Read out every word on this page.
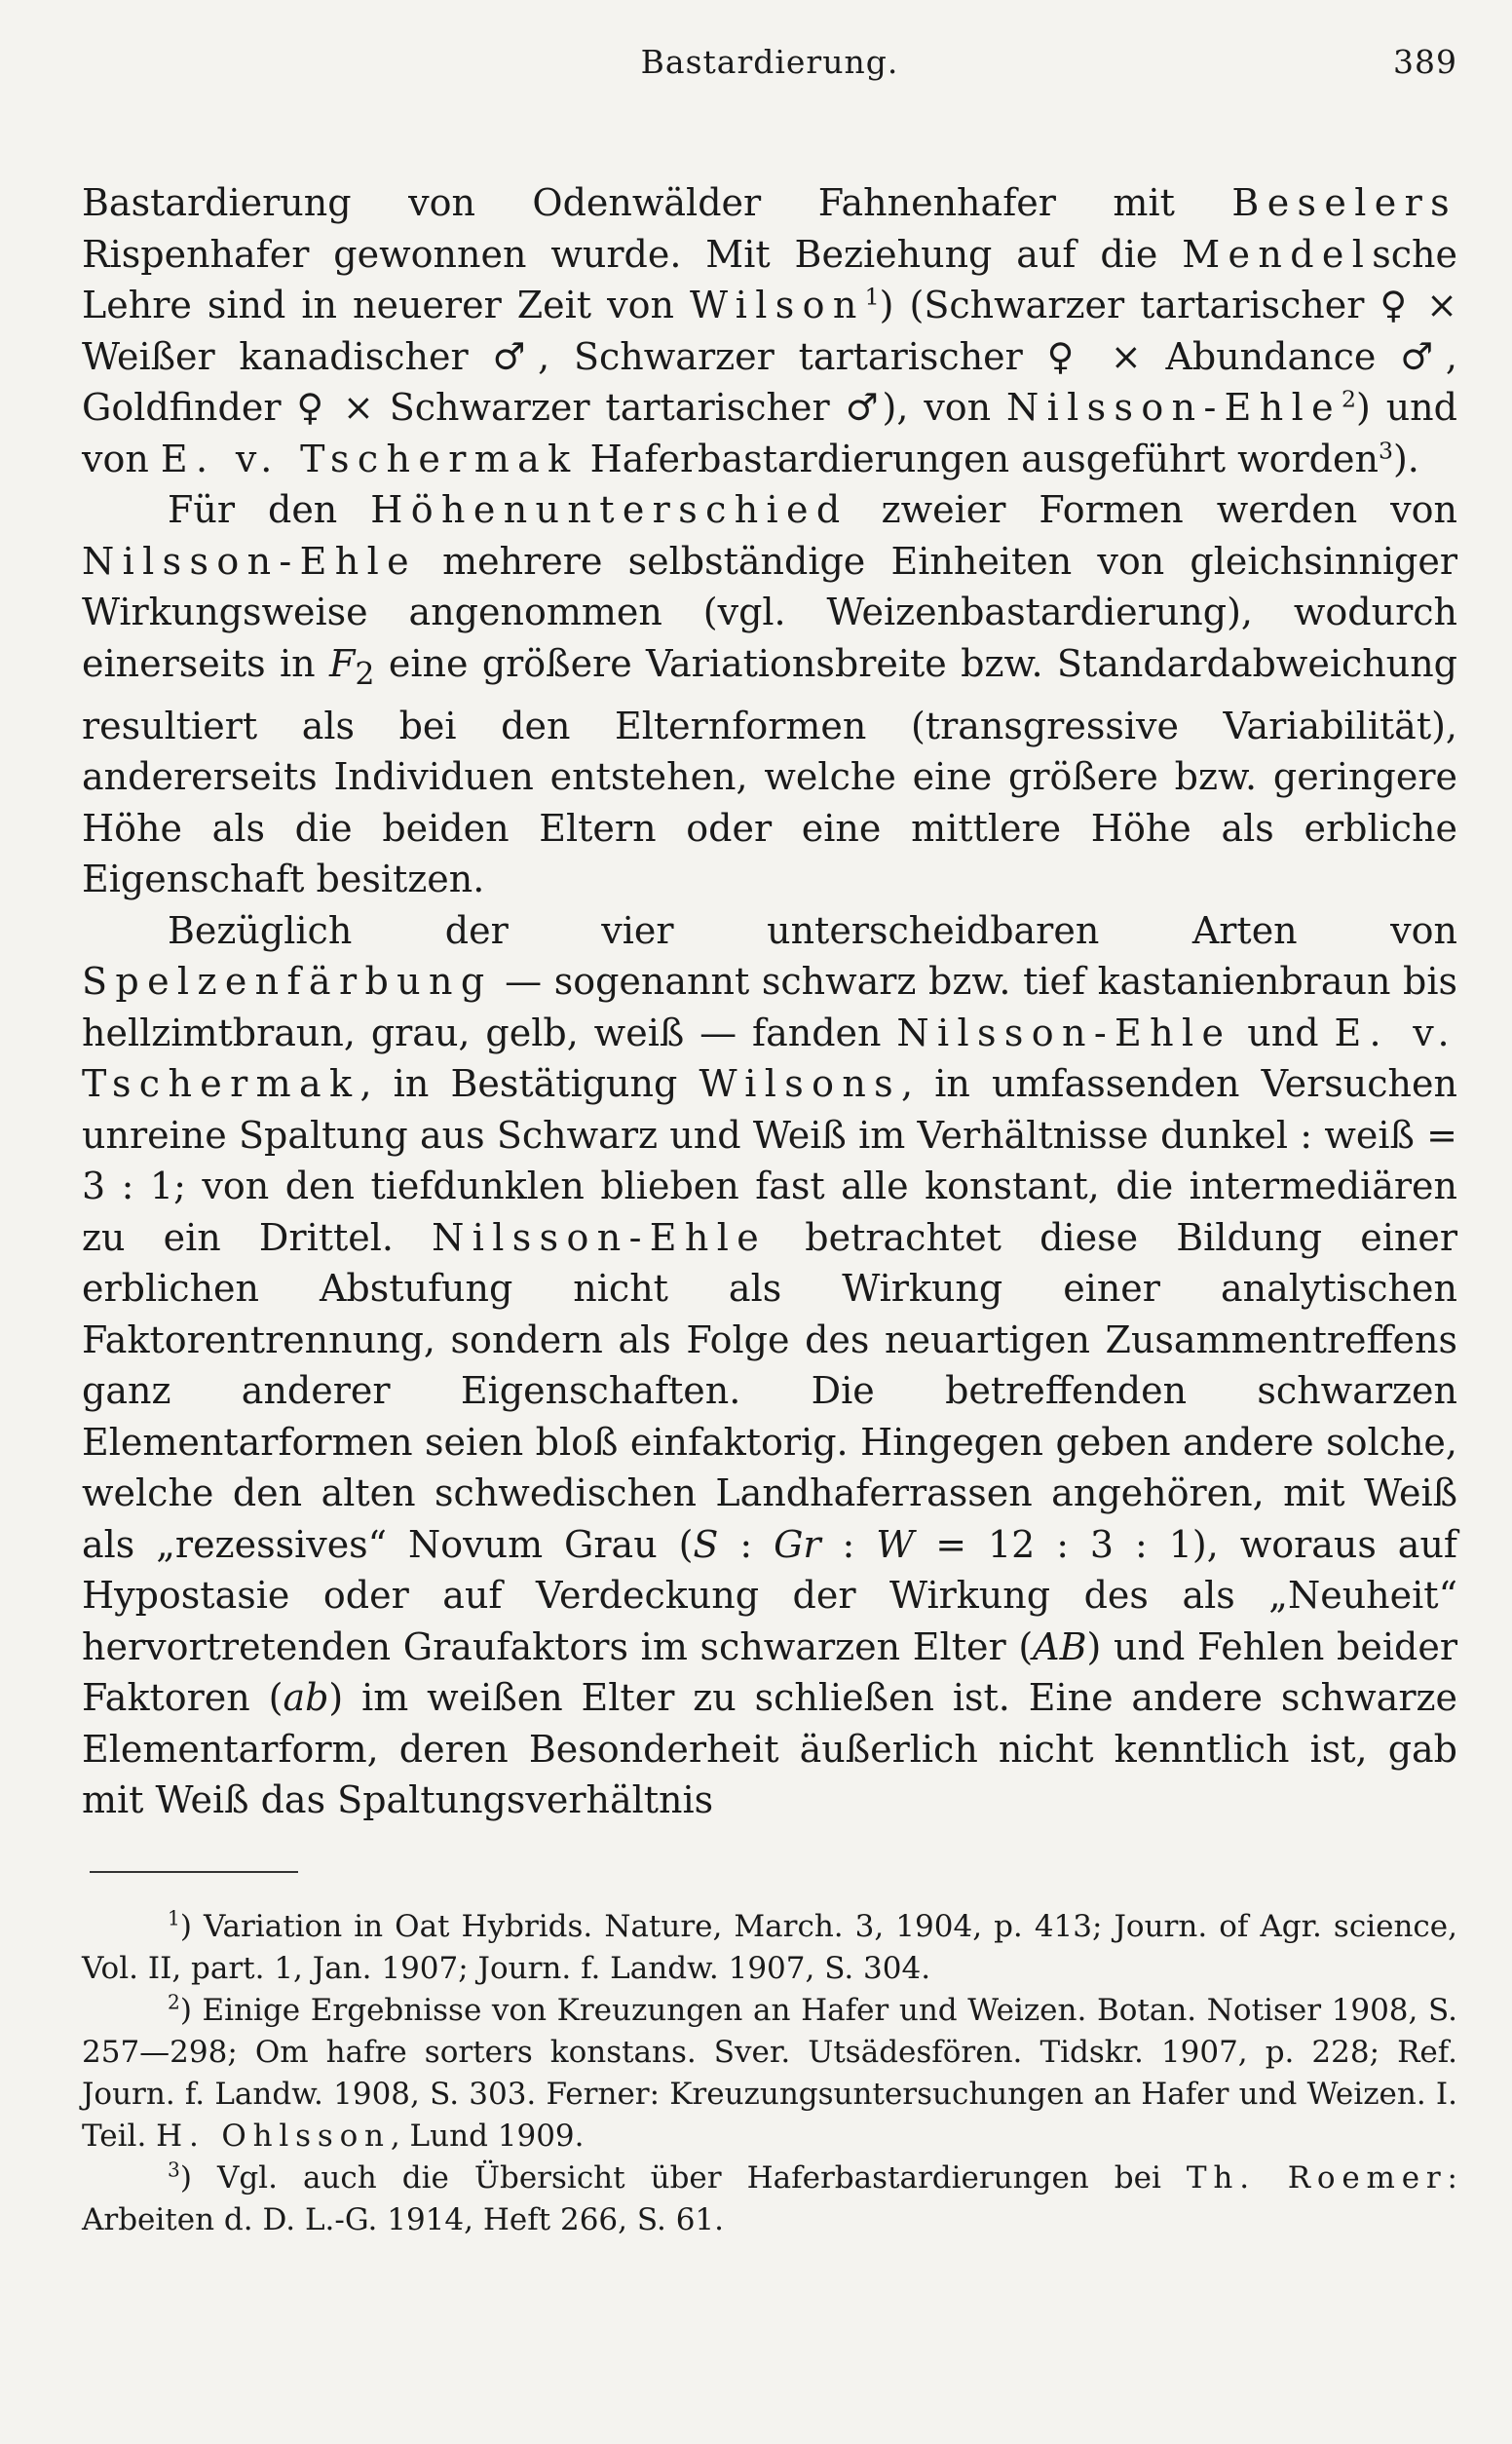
Bastardierung.	389

Bastardierung von Odenwälder Fahnenhafer mit Beselers Rispenhafer gewonnen wurde. Mit Beziehung auf die Mendelsche Lehre sind in neuerer Zeit von Wilson$^1$) (Schwarzer tartarischer ♀ × Weißer kanadischer ♂, Schwarzer tartarischer ♀ × Abundance ♂, Goldfinder ♀ × Schwarzer tartarischer ♂), von Nilsson-Ehle$^2$) und von E. v. Tschermak Haferbastardierungen ausgeführt worden$^3$).

Für den Höhenunterschied zweier Formen werden von Nilsson-Ehle mehrere selbständige Einheiten von gleichsinniger Wirkungsweise angenommen (vgl. Weizenbastardierung), wodurch einerseits in $F_2$ eine größere Variationsbreite bzw. Standardabweichung resultiert als bei den Elternformen (transgressive Variabilität), andererseits Individuen entstehen, welche eine größere bzw. geringere Höhe als die beiden Eltern oder eine mittlere Höhe als erbliche Eigenschaft besitzen.

Bezüglich der vier unterscheidbaren Arten von Spelzenfärbung — sogenannt schwarz bzw. tief kastanienbraun bis hellzimtbraun, grau, gelb, weiß — fanden Nilsson-Ehle und E. v. Tschermak, in Bestätigung Wilsons, in umfassenden Versuchen unreine Spaltung aus Schwarz und Weiß im Verhältnisse dunkel : weiß = 3 : 1; von den tiefdunklen blieben fast alle konstant, die intermediären zu ein Drittel. Nilsson-Ehle betrachtet diese Bildung einer erblichen Abstufung nicht als Wirkung einer analytischen Faktorentrennung, sondern als Folge des neuartigen Zusammentreffens ganz anderer Eigenschaften. Die betreffenden schwarzen Elementarformen seien bloß einfaktorig. Hingegen geben andere solche, welche den alten schwedischen Landhaferrassen angehören, mit Weiß als „rezessives“ Novum Grau (S : Gr : W = 12 : 3 : 1), woraus auf Hypostasie oder auf Verdeckung der Wirkung des als „Neuheit“ hervortretenden Graufaktors im schwarzen Elter (AB) und Fehlen beider Faktoren (ab) im weißen Elter zu schließen ist. Eine andere schwarze Elementarform, deren Besonderheit äußerlich nicht kenntlich ist, gab mit Weiß das Spaltungsverhältnis

$^1$) Variation in Oat Hybrids. Nature, March. 3, 1904, p. 413; Journ. of Agr. science, Vol. II, part. 1, Jan. 1907; Journ. f. Landw. 1907, S. 304.

$^2$) Einige Ergebnisse von Kreuzungen an Hafer und Weizen. Botan. Notiser 1908, S. 257—298; Om hafre sorters konstans. Sver. Utsädesfören. Tidskr. 1907, p. 228; Ref. Journ. f. Landw. 1908, S. 303. Ferner: Kreuzungsuntersuchungen an Hafer und Weizen. I. Teil. H. Ohlsson, Lund 1909.

$^3$) Vgl. auch die Übersicht über Haferbastardierungen bei Th. Roemer: Arbeiten d. D. L.-G. 1914, Heft 266, S. 61.
